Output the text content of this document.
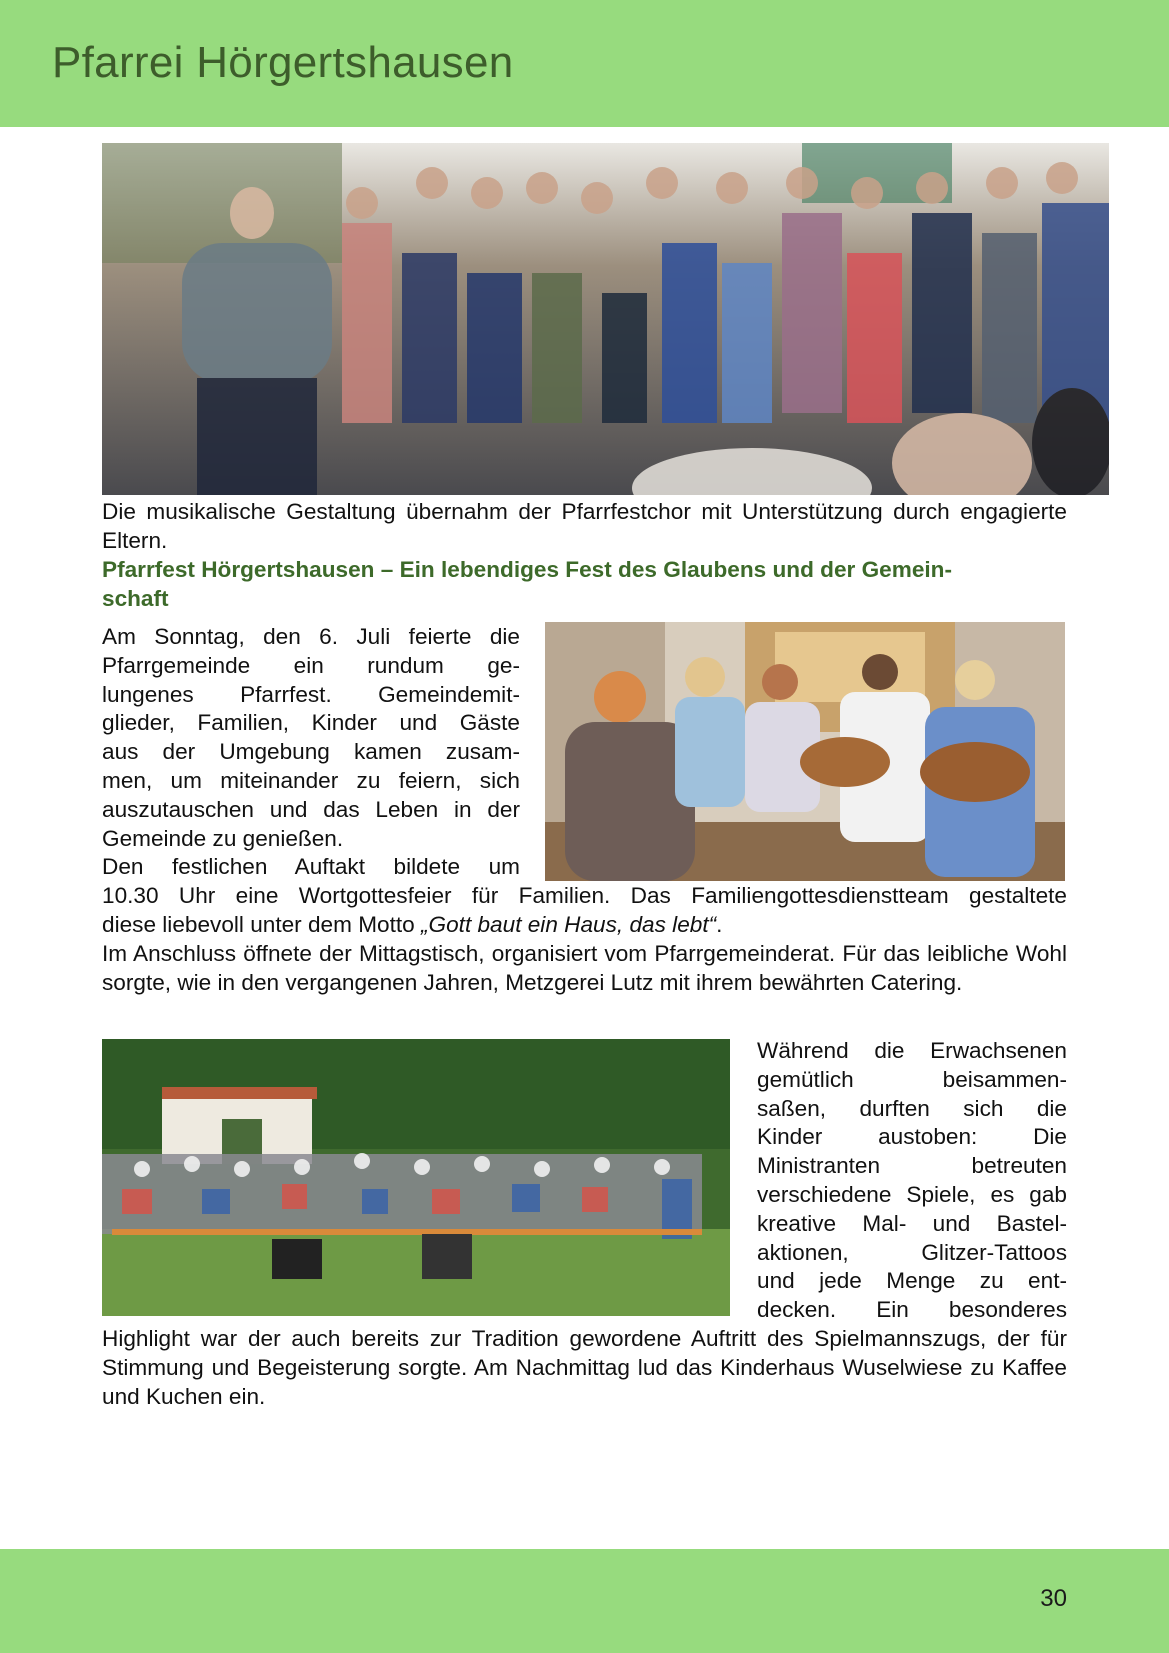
Pfarrei Hörgertshausen
Die musikalische Gestaltung übernahm der Pfarrfestchor mit Unterstützung durch engagierte Eltern.
Pfarrfest Hörgertshausen – Ein lebendiges Fest des Glaubens und der Gemein-
schaft
Am Sonntag, den 6. Juli feierte die
Pfarrgemeinde ein rundum ge-
lungenes Pfarrfest. Gemeindemit-
glieder, Familien, Kinder und Gäste
aus der Umgebung kamen zusam-
men, um miteinander zu feiern, sich
auszutauschen und das Leben in der
Gemeinde zu genießen.
Den festlichen Auftakt bildete um
10.30 Uhr eine Wortgottesfeier für Familien. Das Familiengottesdienstteam gestaltete
diese liebevoll unter dem Motto „Gott baut ein Haus, das lebt“.
Im Anschluss öffnete der Mittagstisch, organisiert vom Pfarrgemeinderat. Für das leibliche Wohl sorgte, wie in den vergangenen Jahren, Metzgerei Lutz mit ihrem bewährten Catering.
Während die Erwachsenen
gemütlich beisammen-
saßen, durften sich die
Kinder austoben: Die
Ministranten betreuten
verschiedene Spiele, es gab
kreative Mal- und Bastel-
aktionen, Glitzer-Tattoos
und jede Menge zu ent-
decken. Ein besonderes
Highlight war der auch bereits zur Tradition gewordene Auftritt des Spielmannszugs, der für Stimmung und Begeisterung sorgte. Am Nachmittag lud das Kinderhaus Wuselwiese zu Kaffee und Kuchen ein.
30
